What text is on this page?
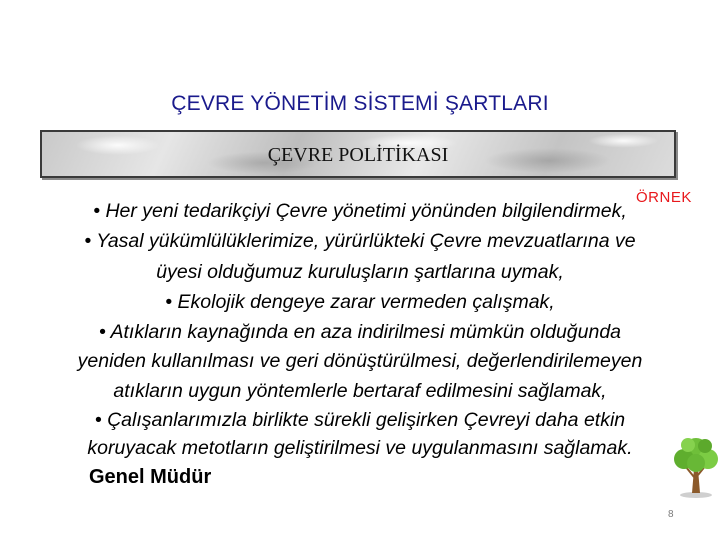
ÇEVRE YÖNETİM SİSTEMİ ŞARTLARI
ÇEVRE POLİTİKASI
• Her yeni tedarikçiyi Çevre yönetimi yönünden bilgilendirmek,
• Yasal yükümlülüklerimize, yürürlükteki Çevre mevzuatlarına ve
üyesi olduğumuz kuruluşların şartlarına uymak,
• Ekolojik dengeye zarar vermeden çalışmak,
• Atıkların kaynağında en aza indirilmesi mümkün olduğunda
yeniden kullanılması ve geri dönüştürülmesi, değerlendirilemeyen
atıkların uygun yöntemlerle bertaraf edilmesini sağlamak,
• Çalışanlarımızla birlikte sürekli gelişirken Çevreyi daha etkin
koruyacak metotların geliştirilmesi ve uygulanmasını sağlamak.
ÖRNEK
Genel Müdür
8
